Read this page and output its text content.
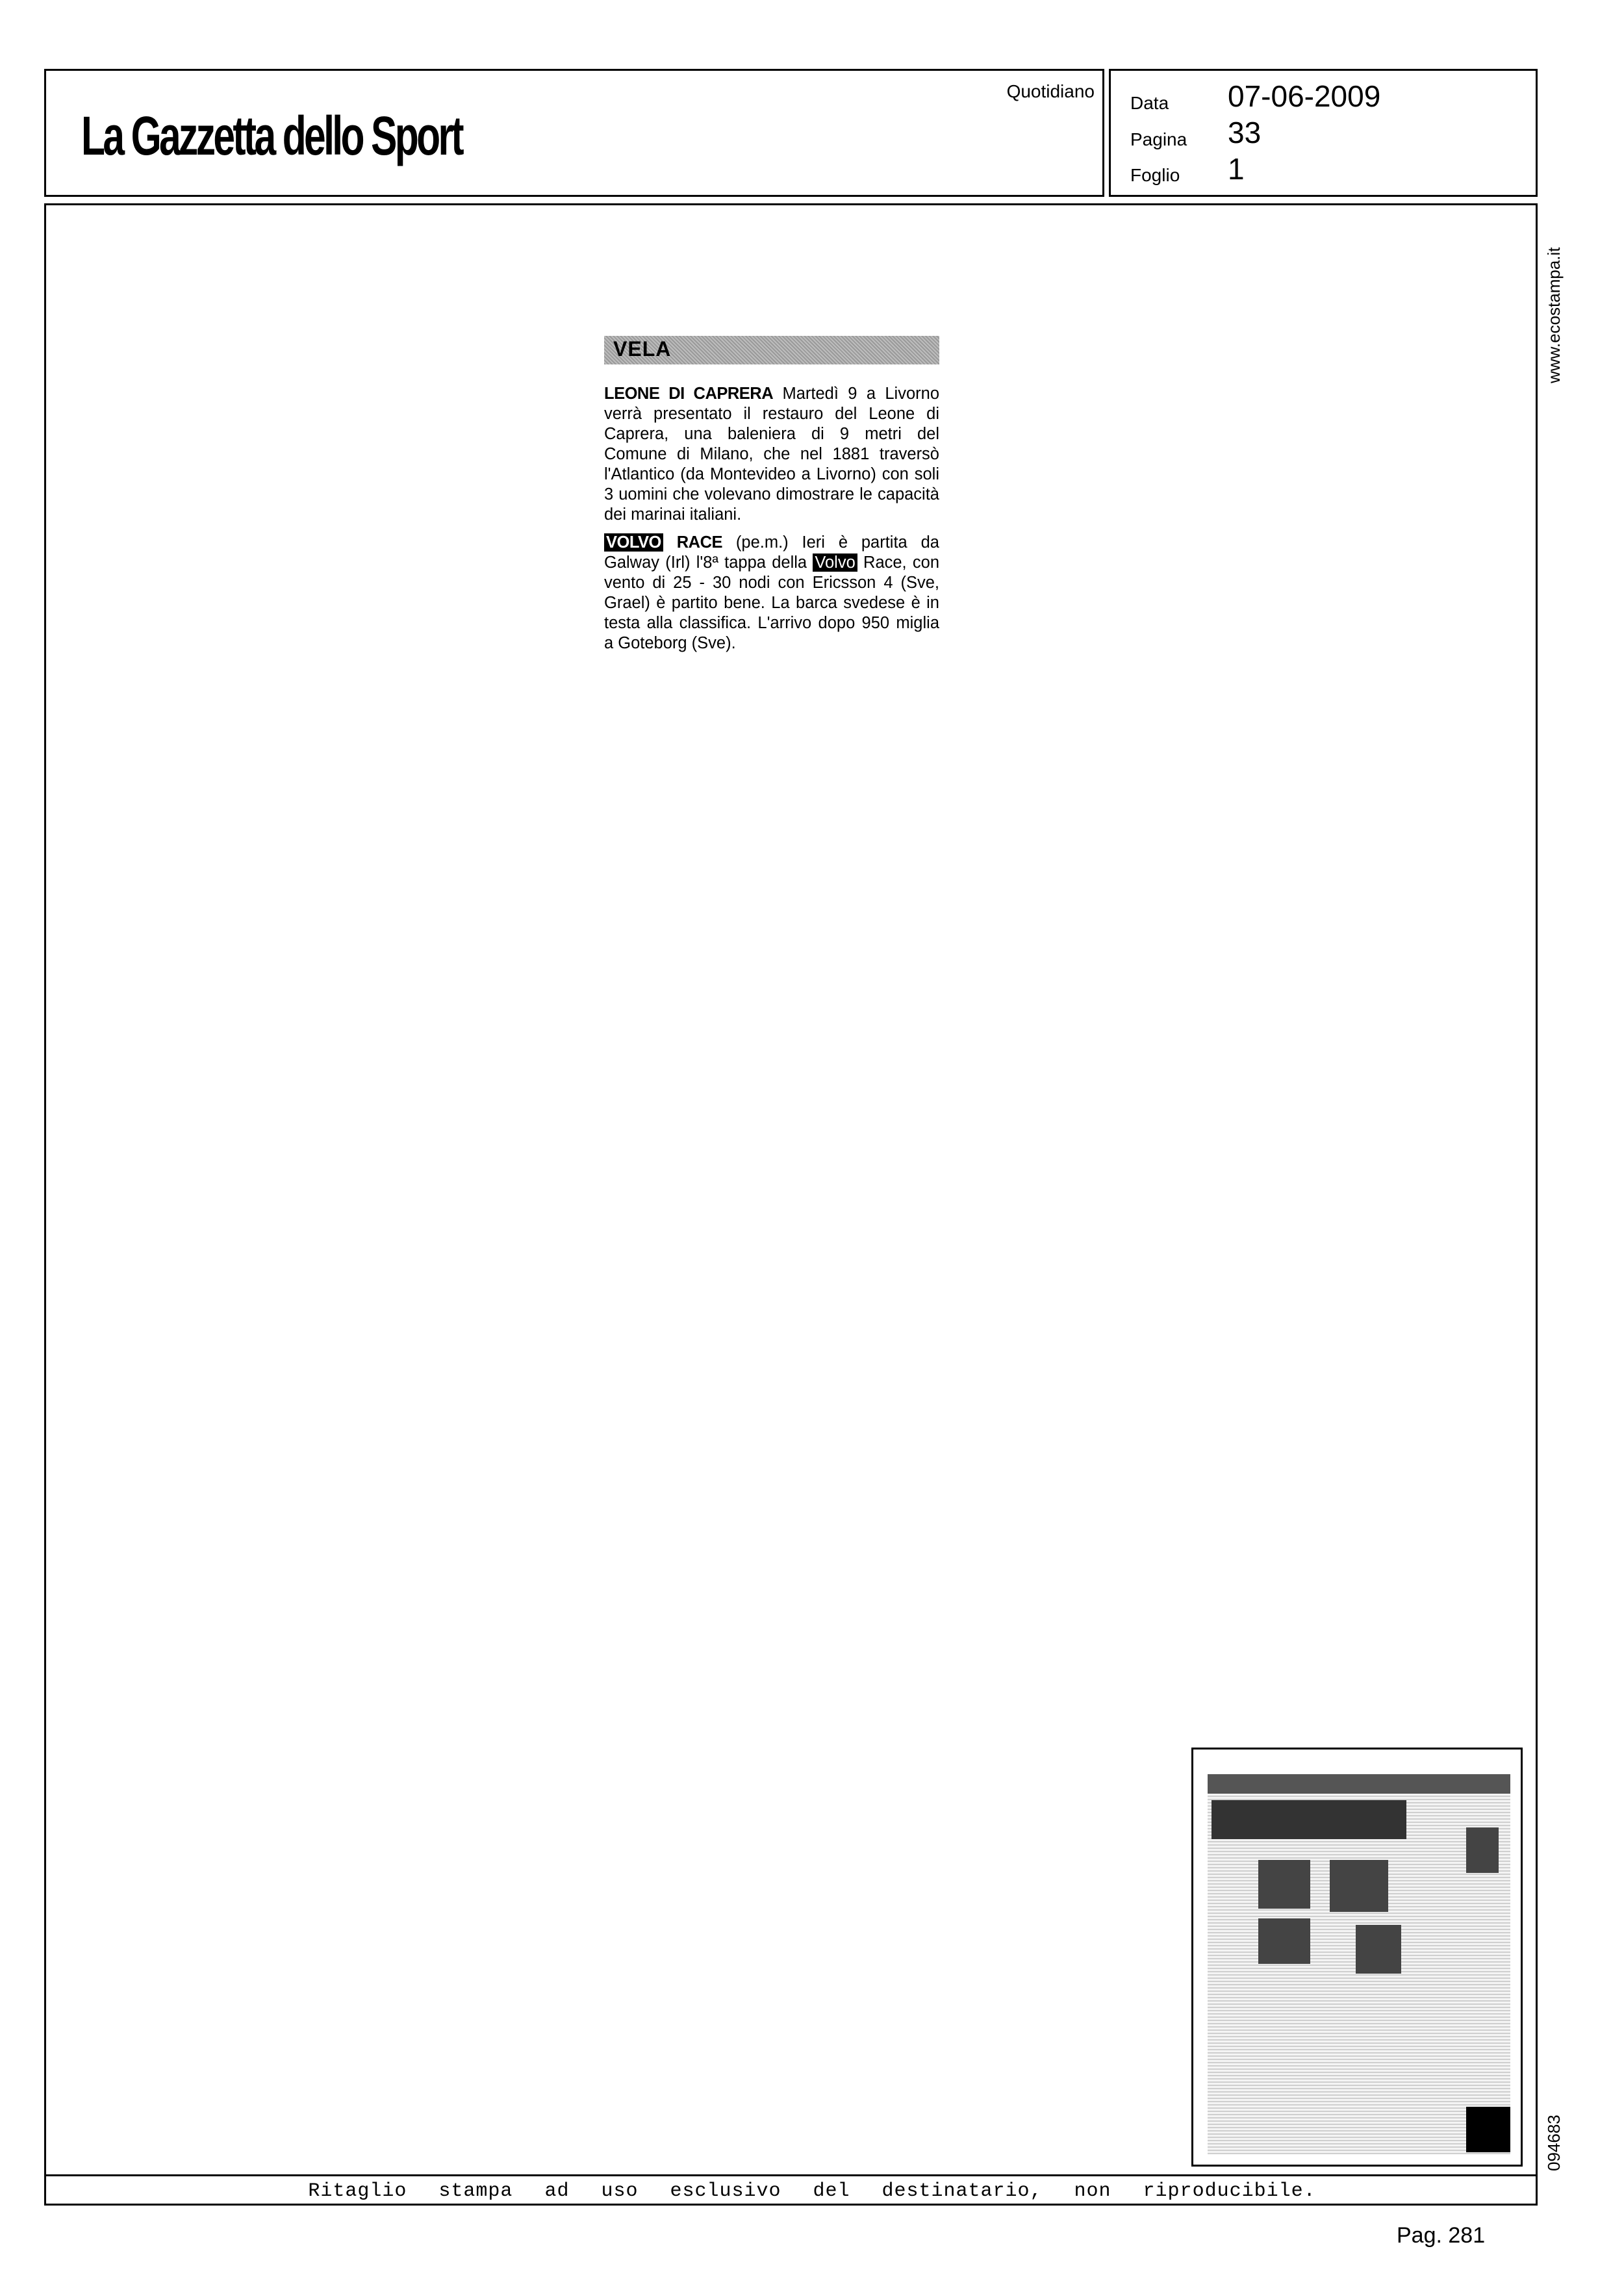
La Gazzetta dello Sport
Quotidiano
Data 07-06-2009
Pagina 33
Foglio 1
www.ecostampa.it
094683
VELA

LEONE DI CAPRERA Martedì 9 a Livorno verrà presentato il restauro del Leone di Caprera, una baleniera di 9 metri del Comune di Milano, che nel 1881 traversò l'Atlantico (da Montevideo a Livorno) con soli 3 uomini che volevano dimostrare le capacità dei marinai italiani.

VOLVO RACE (pe.m.) Ieri è partita da Galway (Irl) l'8ª tappa della Volvo Race, con vento di 25 - 30 nodi con Ericsson 4 (Sve, Grael) è partito bene. La barca svedese è in testa alla classifica. L'arrivo dopo 950 miglia a Goteborg (Sve).

Ritaglio stampa ad uso esclusivo del destinatario, non riproducibile.
Pag. 281
